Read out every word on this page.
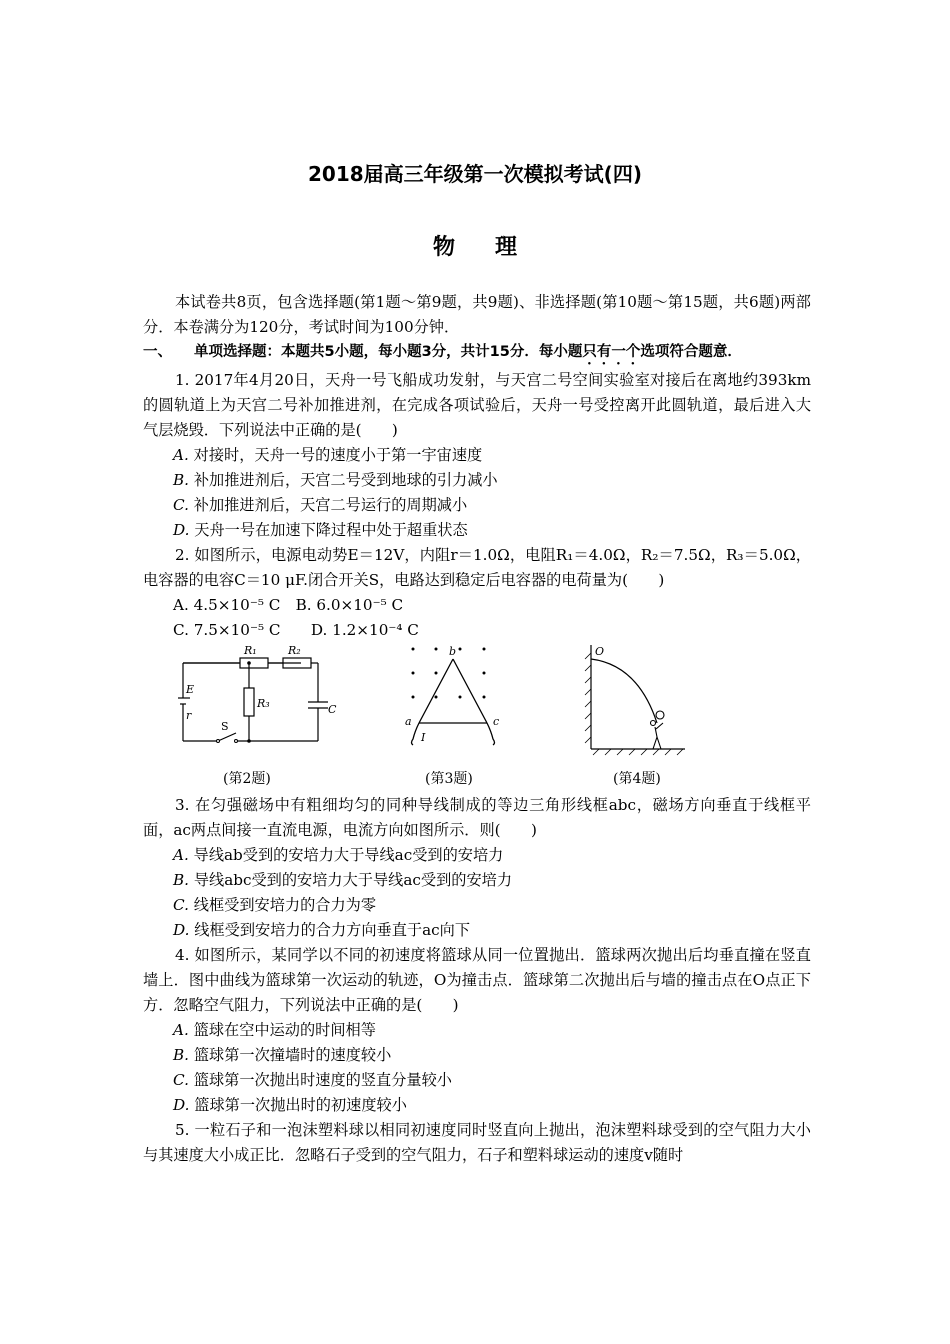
2018届高三年级第一次模拟考试(四)
物理

本试卷共8页，包含选择题(第1题～第9题，共9题)、非选择题(第10题～第15题，共6题)两部分．本卷满分为120分，考试时间为100分钟．

一、 单项选择题：本题共5小题，每小题3分，共计15分．每小题只有一个选项符合题意．

1. 2017年4月20日，天舟一号飞船成功发射，与天宫二号空间实验室对接后在离地约393km 的圆轨道上为天宫二号补加推进剂，在完成各项试验后，天舟一号受控离开此圆轨道，最后进入大气层烧毁．下列说法中正确的是(　　)

A. 对接时，天舟一号的速度小于第一宇宙速度

B. 补加推进剂后，天宫二号受到地球的引力减小

C. 补加推进剂后，天宫二号运行的周期减小

D. 天舟一号在加速下降过程中处于超重状态

2. 如图所示，电源电动势E＝12V，内阻r＝1.0Ω，电阻R₁＝4.0Ω，R₂＝7.5Ω，R₃＝5.0Ω，电容器的电容C＝10 μF.闭合开关S，电路达到稳定后电容器的电荷量为(　　)

A. 4.5×10⁻⁵ C　B. 6.0×10⁻⁵ C

C. 7.5×10⁻⁵ C　　D. 1.2×10⁻⁴ C

R₁	R₂
R₃
E
r
S
C
b
a	c
I
O
(第2题)	(第3题)	(第4题)

3. 在匀强磁场中有粗细均匀的同种导线制成的等边三角形线框abc，磁场方向垂直于线框平面，ac两点间接一直流电源，电流方向如图所示．则(　　)

A. 导线ab受到的安培力大于导线ac受到的安培力

B. 导线abc受到的安培力大于导线ac受到的安培力

C. 线框受到安培力的合力为零

D. 线框受到安培力的合力方向垂直于ac向下

4. 如图所示，某同学以不同的初速度将篮球从同一位置抛出．篮球两次抛出后均垂直撞在竖直墙上．图中曲线为篮球第一次运动的轨迹，O为撞击点．篮球第二次抛出后与墙的撞击点在O点正下方．忽略空气阻力，下列说法中正确的是(　　)

A. 篮球在空中运动的时间相等

B. 篮球第一次撞墙时的速度较小

C. 篮球第一次抛出时速度的竖直分量较小

D. 篮球第一次抛出时的初速度较小

5. 一粒石子和一泡沫塑料球以相同初速度同时竖直向上抛出，泡沫塑料球受到的空气阻力大小与其速度大小成正比．忽略石子受到的空气阻力，石子和塑料球运动的速度v随时
